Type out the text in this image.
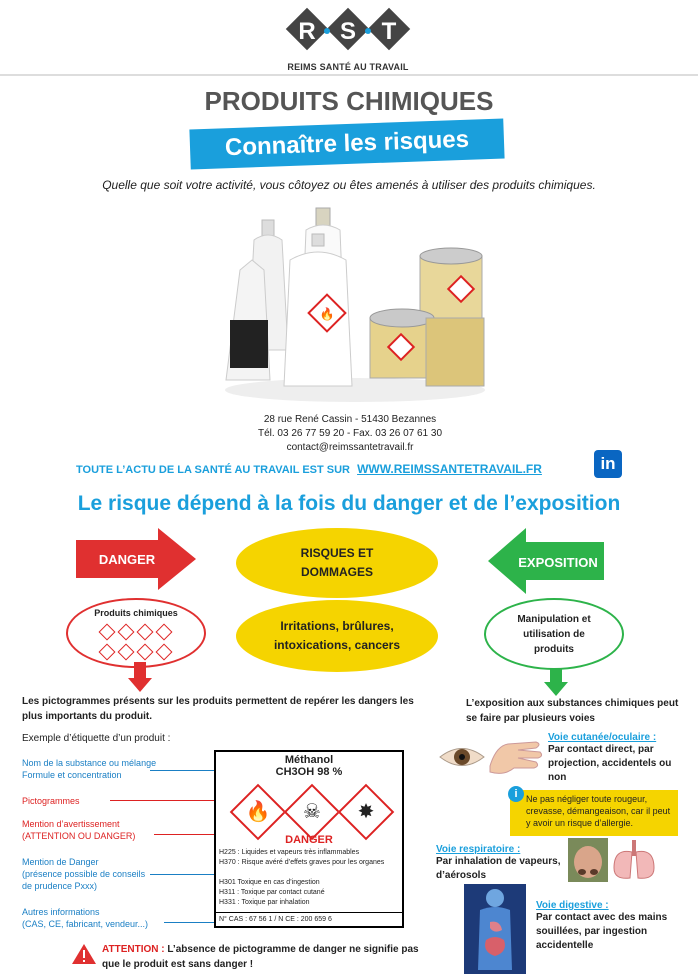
R	S	T
REIMS SANTÉ AU TRAVAIL
PRODUITS CHIMIQUES
Connaître les risques
Quelle que soit votre activité, vous côtoyez ou êtes amenés à utiliser des produits chimiques.
🔥
28 rue René Cassin - 51430 Bezannes
Tél. 03 26 77 59 20 - Fax. 03 26 07 61 30
contact@reimssantetravail.fr
TOUTE L’ACTU DE LA SANTÉ AU TRAVAIL EST SUR WWW.REIMSSANTETRAVAIL.FR	in
Le risque dépend à la fois du danger et de l’exposition
DANGER	EXPOSITION
RISQUES ET DOMMAGES
Irritations, brûlures, intoxications, cancers
Produits chimiques
Manipulation et utilisation de produits
Les pictogrammes présents sur les produits permettent de repérer les dangers les plus importants du produit.
Exemple d’étiquette d’un produit :
Nom de la substance ou mélange
Formule et concentration
Pictogrammes
Mention d’avertissement
(ATTENTION OU DANGER)
Mention de Danger
(présence possible de conseils
de prudence Pxxx)
Autres informations
(CAS, CE, fabricant, vendeur...)
Méthanol
CH3OH 98 %
🔥	☠	✸
DANGER
H225 : Liquides et vapeurs très inflammables
H370 : Risque avéré d’effets graves pour les organes
H301 Toxique en cas d’ingestion
H311 : Toxique par contact cutané
H331 : Toxique par inhalation
N° CAS : 67 56 1 / N CE : 200 659 6
ATTENTION : L’absence de pictogramme de danger ne signifie pas que le produit est sans danger !
L’exposition aux substances chimiques peut se faire par plusieurs voies
Voie cutanée/oculaire :
Par contact direct, par projection, accidentels ou non
Ne pas négliger toute rougeur, crevasse, démangeaison, car il peut y avoir un risque d’allergie.
i
Voie respiratoire :
Par inhalation de vapeurs, d’aérosols
Voie digestive :
Par contact avec des mains souillées, par ingestion accidentelle
